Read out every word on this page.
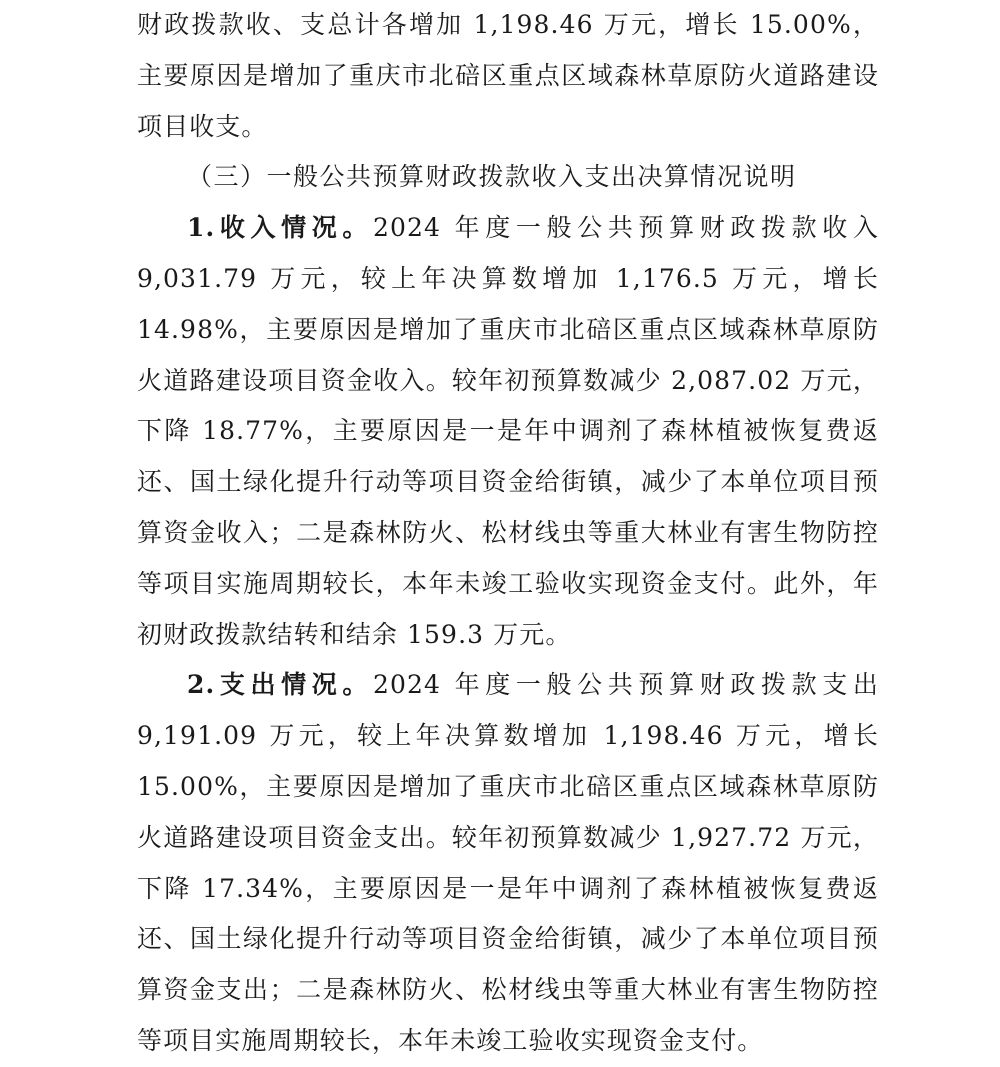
财政拨款收、支总计各增加 1,198.46 万元，增长 15.00%，主要原因是增加了重庆市北碚区重点区域森林草原防火道路建设项目收支。

（三）一般公共预算财政拨款收入支出决算情况说明

1.收入情况。2024 年度一般公共预算财政拨款收入 9,031.79 万元，较上年决算数增加 1,176.5 万元，增长 14.98%，主要原因是增加了重庆市北碚区重点区域森林草原防火道路建设项目资金收入。较年初预算数减少 2,087.02 万元，下降 18.77%，主要原因是一是年中调剂了森林植被恢复费返还、国土绿化提升行动等项目资金给街镇，减少了本单位项目预算资金收入；二是森林防火、松材线虫等重大林业有害生物防控等项目实施周期较长，本年未竣工验收实现资金支付。此外，年初财政拨款结转和结余 159.3 万元。

2.支出情况。2024 年度一般公共预算财政拨款支出 9,191.09 万元，较上年决算数增加 1,198.46 万元，增长 15.00%，主要原因是增加了重庆市北碚区重点区域森林草原防火道路建设项目资金支出。较年初预算数减少 1,927.72 万元，下降 17.34%，主要原因是一是年中调剂了森林植被恢复费返还、国土绿化提升行动等项目资金给街镇，减少了本单位项目预算资金支出；二是森林防火、松材线虫等重大林业有害生物防控等项目实施周期较长，本年未竣工验收实现资金支付。
